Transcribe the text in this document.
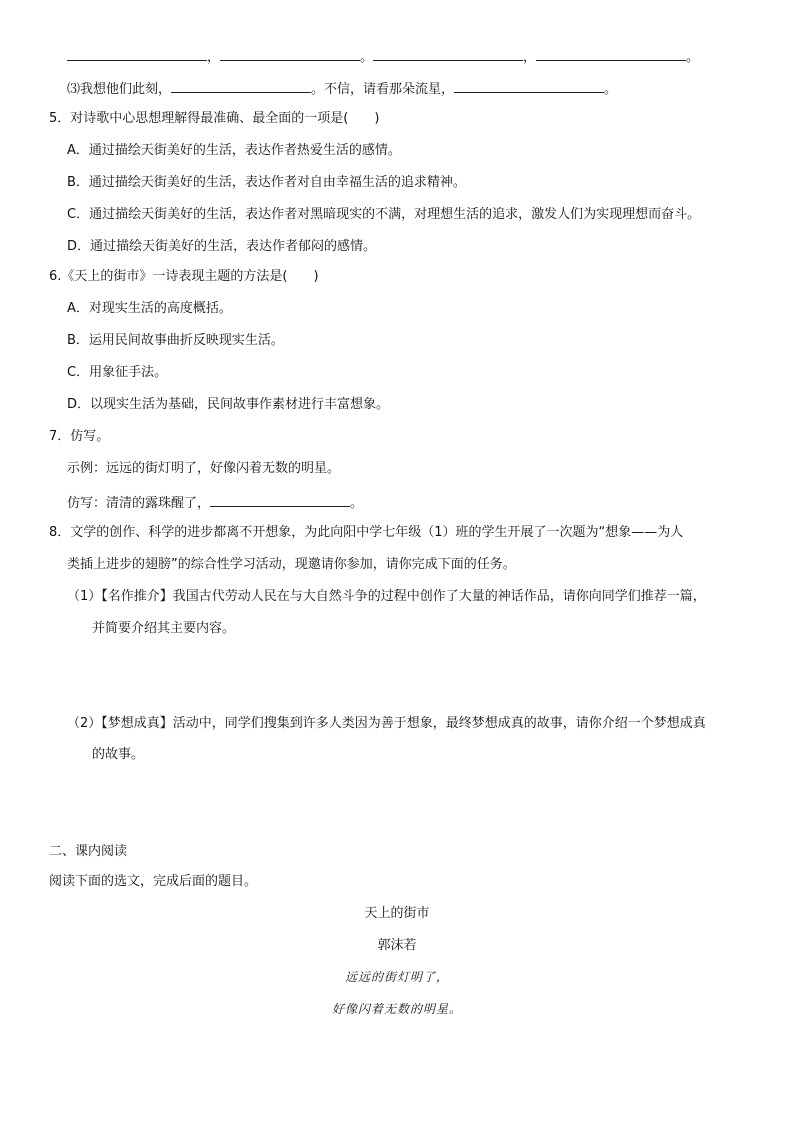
，	。	，	。
⑶我想他们此刻，	。不信，请看那朵流星，	。
5．对诗歌中心思想理解得最准确、最全面的一项是(　　)
A．通过描绘天街美好的生活，表达作者热爱生活的感情。
B．通过描绘天街美好的生活，表达作者对自由幸福生活的追求精神。
C．通过描绘天街美好的生活，表达作者对黑暗现实的不满，对理想生活的追求，激发人们为实现理想而奋斗。
D．通过描绘天街美好的生活，表达作者郁闷的感情。
6.《天上的街市》一诗表现主题的方法是(　　)
A．对现实生活的高度概括。
B．运用民间故事曲折反映现实生活。
C．用象征手法。
D．以现实生活为基础，民间故事作素材进行丰富想象。
7．仿写。
示例：远远的街灯明了，好像闪着无数的明星。
仿写：清清的露珠醒了，	。
8．文学的创作、科学的进步都离不开想象，为此向阳中学七年级（1）班的学生开展了一次题为“想象——为人
类插上进步的翅膀”的综合性学习活动，现邀请你参加，请你完成下面的任务。
（1）【名作推介】我国古代劳动人民在与大自然斗争的过程中创作了大量的神话作品，请你向同学们推荐一篇，
并简要介绍其主要内容。
（2）【梦想成真】活动中，同学们搜集到许多人类因为善于想象，最终梦想成真的故事，请你介绍一个梦想成真
的故事。
二、课内阅读
阅读下面的选文，完成后面的题目。
天上的街市
郭沫若
远远的街灯明了，
好像闪着无数的明星。
